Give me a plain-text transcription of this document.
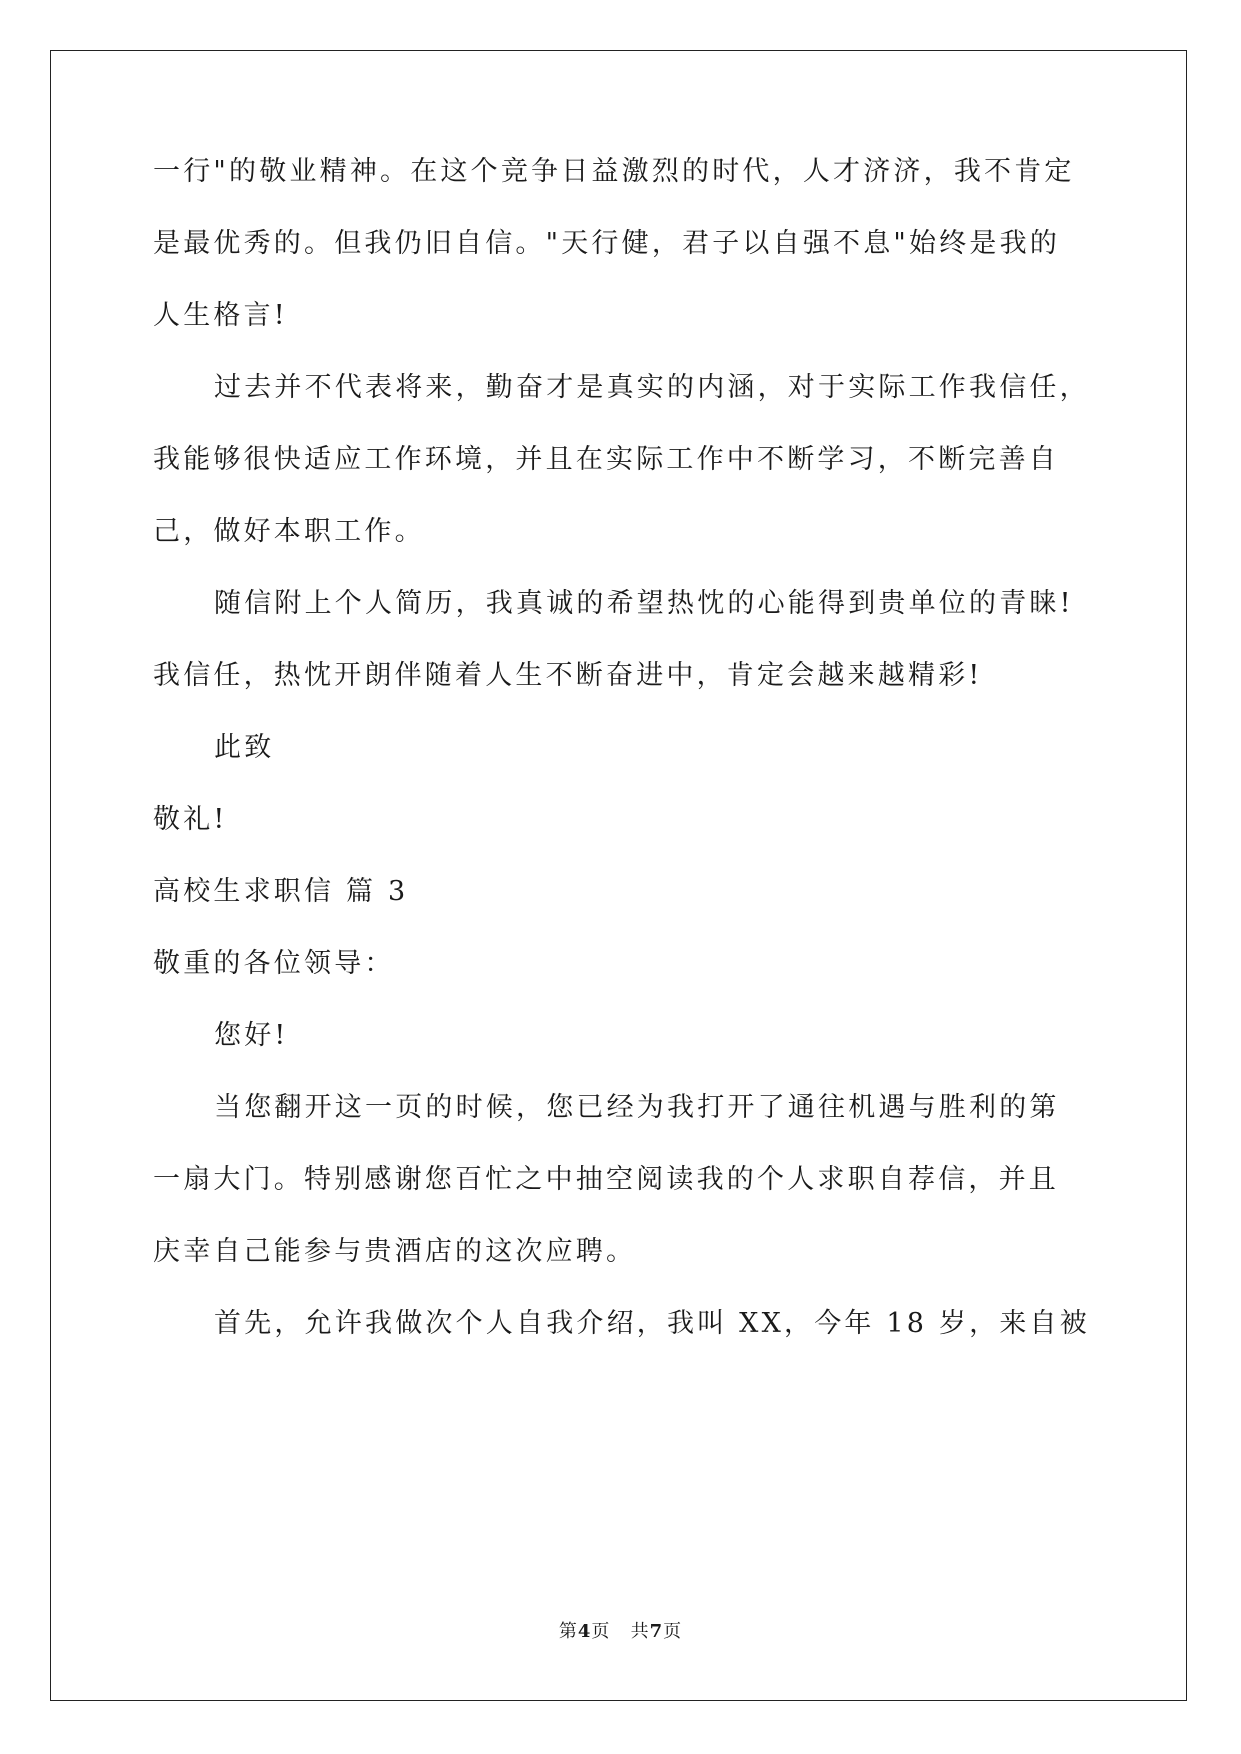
一行"的敬业精神。在这个竞争日益激烈的时代，人才济济，我不肯定
是最优秀的。但我仍旧自信。"天行健，君子以自强不息"始终是我的
人生格言!
过去并不代表将来，勤奋才是真实的内涵，对于实际工作我信任，
我能够很快适应工作环境，并且在实际工作中不断学习，不断完善自
己，做好本职工作。
随信附上个人简历，我真诚的希望热忱的心能得到贵单位的青睐!
我信任，热忱开朗伴随着人生不断奋进中，肯定会越来越精彩!
此致
敬礼!
高校生求职信 篇 3
敬重的各位领导：
您好!
当您翻开这一页的时候，您已经为我打开了通往机遇与胜利的第
一扇大门。特别感谢您百忙之中抽空阅读我的个人求职自荐信，并且
庆幸自己能参与贵酒店的这次应聘。
首先，允许我做次个人自我介绍，我叫 XX，今年 18 岁，来自被
第4页 共7页
